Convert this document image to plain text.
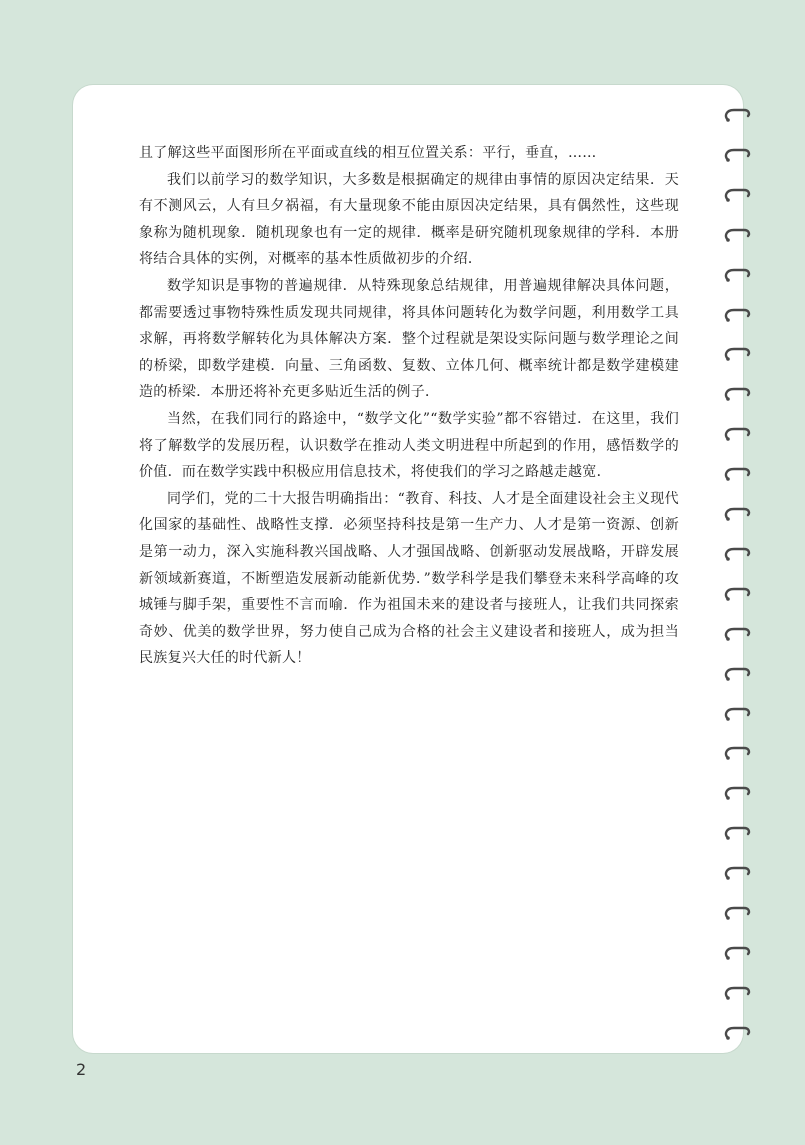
且了解这些平面图形所在平面或直线的相互位置关系：平行，垂直，……

我们以前学习的数学知识，大多数是根据确定的规律由事情的原因决定结果．天有不测风云，人有旦夕祸福，有大量现象不能由原因决定结果，具有偶然性，这些现象称为随机现象．随机现象也有一定的规律．概率是研究随机现象规律的学科．本册将结合具体的实例，对概率的基本性质做初步的介绍．

数学知识是事物的普遍规律．从特殊现象总结规律，用普遍规律解决具体问题，都需要透过事物特殊性质发现共同规律，将具体问题转化为数学问题，利用数学工具求解，再将数学解转化为具体解决方案．整个过程就是架设实际问题与数学理论之间的桥梁，即数学建模．向量、三角函数、复数、立体几何、概率统计都是数学建模建造的桥梁．本册还将补充更多贴近生活的例子．

当然，在我们同行的路途中，“数学文化”“数学实验”都不容错过．在这里，我们将了解数学的发展历程，认识数学在推动人类文明进程中所起到的作用，感悟数学的价值．而在数学实践中积极应用信息技术，将使我们的学习之路越走越宽．

同学们，党的二十大报告明确指出：“教育、科技、人才是全面建设社会主义现代化国家的基础性、战略性支撑．必须坚持科技是第一生产力、人才是第一资源、创新是第一动力，深入实施科教兴国战略、人才强国战略、创新驱动发展战略，开辟发展新领域新赛道，不断塑造发展新动能新优势．”数学科学是我们攀登未来科学高峰的攻城锤与脚手架，重要性不言而喻．作为祖国未来的建设者与接班人，让我们共同探索奇妙、优美的数学世界，努力使自己成为合格的社会主义建设者和接班人，成为担当民族复兴大任的时代新人！

2
